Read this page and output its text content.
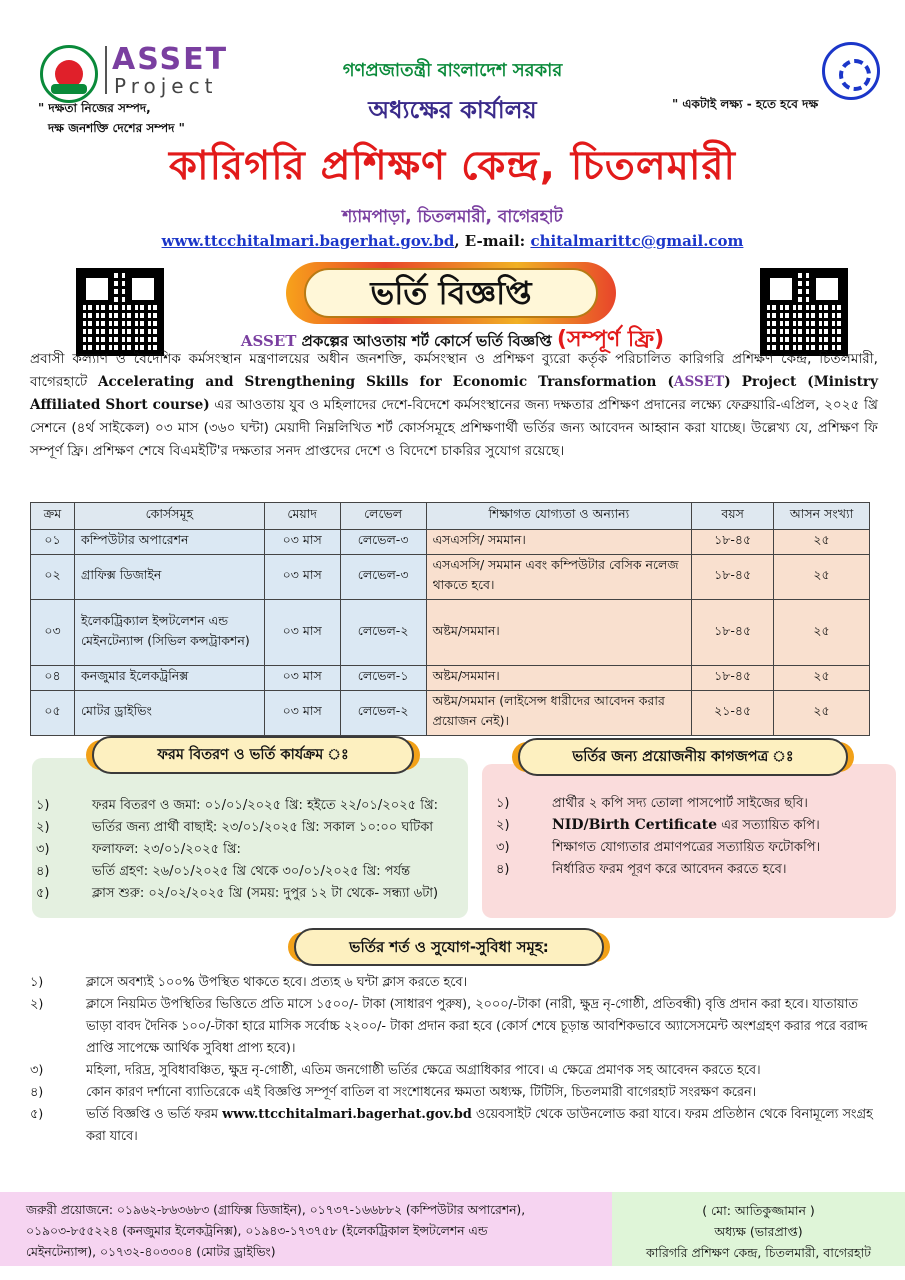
ASSET
Project
" দক্ষতা নিজের সম্পদ,
দক্ষ জনশক্তি দেশের সম্পদ "
গণপ্রজাতন্ত্রী বাংলাদেশ সরকার
অধ্যক্ষের কার্যালয়
কারিগরি প্রশিক্ষণ কেন্দ্র, চিতলমারী
শ্যামপাড়া, চিতলমারী, বাগেরহাট
www.ttcchitalmari.bagerhat.gov.bd, E-mail: chitalmarittc@gmail.com
" একটাই লক্ষ্য - হতে হবে দক্ষ
ভর্তি বিজ্ঞপ্তি
ASSET প্রকল্পের আওতায় শর্ট কোর্সে ভর্তি বিজ্ঞপ্তি (সম্পূর্ণ ফ্রি)
প্রবাসী কল্যাণ ও বৈদেশিক কর্মসংস্থান মন্ত্রণালয়ের অধীন জনশক্তি, কর্মসংস্থান ও প্রশিক্ষণ ব্যুরো কর্তৃক পরিচালিত কারিগরি প্রশিক্ষণ কেন্দ্র, চিতলমারী, বাগেরহাটে Accelerating and Strengthening Skills for Economic Transformation (ASSET) Project (Ministry Affiliated Short course) এর আওতায় যুব ও মহিলাদের দেশে-বিদেশে কর্মসংস্থানের জন্য দক্ষতার প্রশিক্ষণ প্রদানের লক্ষ্যে ফেব্রুয়ারি-এপ্রিল, ২০২৫ খ্রি সেশনে (৪র্থ সাইকেল) ০৩ মাস (৩৬০ ঘন্টা) মেয়াদী নিম্নলিখিত শর্ট কোর্সসমূহে প্রশিক্ষণার্থী ভর্তির জন্য আবেদন আহ্বান করা যাচ্ছে। উল্লেখ্য যে, প্রশিক্ষণ ফি সম্পূর্ণ ফ্রি। প্রশিক্ষণ শেষে বিএমইটি'র দক্ষতার সনদ প্রাপ্তদের দেশে ও বিদেশে চাকরির সুযোগ রয়েছে।
ক্রম	কোর্সসমূহ	মেয়াদ	লেভেল	শিক্ষাগত যোগ্যতা ও অন্যান্য	বয়স	আসন সংখ্যা
০১	কম্পিউটার অপারেশন	০৩ মাস	লেভেল-৩	এসএসসি/ সমমান।	১৮-৪৫	২৫
০২	গ্রাফিক্স ডিজাইন	০৩ মাস	লেভেল-৩	এসএসসি/ সমমান এবং কম্পিউটার বেসিক নলেজ থাকতে হবে।	১৮-৪৫	২৫
০৩	ইলেকট্রিক্যাল ইন্সটলেশন এন্ড মেইনটেন্যান্স (সিভিল কন্সট্রাকশন)	০৩ মাস	লেভেল-২	অষ্টম/সমমান।	১৮-৪৫	২৫
০৪	কনজুমার ইলেকট্রনিক্স	০৩ মাস	লেভেল-১	অষ্টম/সমমান।	১৮-৪৫	২৫
০৫	মোটর ড্রাইভিং	০৩ মাস	লেভেল-২	অষ্টম/সমমান (লাইসেন্স ধারীদের আবেদন করার প্রয়োজন নেই)।	২১-৪৫	২৫
ফরম বিতরণ ও ভর্তি কার্যক্রম ঃ
১)	ফরম বিতরণ ও জমা: ০১/০১/২০২৫ খ্রি: হইতে ২২/০১/২০২৫ খ্রি:
২)	ভর্তির জন্য প্রার্থী বাছাই: ২৩/০১/২০২৫ খ্রি: সকাল ১০:০০ ঘটিকা
৩)	ফলাফল: ২৩/০১/২০২৫ খ্রি:
৪)	ভর্তি গ্রহণ: ২৬/০১/২০২৫ খ্রি থেকে ৩০/০১/২০২৫ খ্রি: পর্যন্ত
৫)	ক্লাস শুরু: ০২/০২/২০২৫ খ্রি (সময়: দুপুর ১২ টা থেকে- সন্ধ্যা ৬টা)
ভর্তির জন্য প্রয়োজনীয় কাগজপত্র ঃ
১)	প্রার্থীর ২ কপি সদ্য তোলা পাসপোর্ট সাইজের ছবি।
২)	NID/Birth Certificate এর সত্যায়িত কপি।
৩)	শিক্ষাগত যোগ্যতার প্রমাণপত্রের সত্যায়িত ফটোকপি।
৪)	নির্ধারিত ফরম পূরণ করে আবেদন করতে হবে।
ভর্তির শর্ত ও সুযোগ-সুবিধা সমূহ:
১)	ক্লাসে অবশ্যই ১০০% উপস্থিত থাকতে হবে। প্রত্যহ ৬ ঘন্টা ক্লাস করতে হবে।
২)	ক্লাসে নিয়মিত উপস্থিতির ভিত্তিতে প্রতি মাসে ১৫০০/- টাকা (সাধারণ পুরুষ), ২০০০/-টাকা (নারী, ক্ষুদ্র নৃ-গোষ্ঠী, প্রতিবন্ধী) বৃত্তি প্রদান করা হবে। যাতায়াত ভাড়া বাবদ দৈনিক ১০০/-টাকা হারে মাসিক সর্বোচ্চ ২২০০/- টাকা প্রদান করা হবে (কোর্স শেষে চূড়ান্ত আবশিকভাবে অ্যাসেসমেন্ট অংশগ্রহণ করার পরে বরাদ্দ প্রাপ্তি সাপেক্ষে আর্থিক সুবিধা প্রাপ্য হবে)।
৩)	মহিলা, দরিদ্র, সুবিধাবঞ্চিত, ক্ষুদ্র নৃ-গোষ্ঠী, এতিম জনগোষ্ঠী ভর্তির ক্ষেত্রে অগ্রাধিকার পাবে। এ ক্ষেত্রে প্রমাণক সহ আবেদন করতে হবে।
৪)	কোন কারণ দর্শানো ব্যাতিরেকে এই বিজ্ঞপ্তি সম্পূর্ণ বাতিল বা সংশোধনের ক্ষমতা অধ্যক্ষ, টিটিসি, চিতলমারী বাগেরহাট সংরক্ষণ করেন।
৫)	ভর্তি বিজ্ঞপ্তি ও ভর্তি ফরম www.ttcchitalmari.bagerhat.gov.bd ওয়েবসাইট থেকে ডাউনলোড করা যাবে। ফরম প্রতিষ্ঠান থেকে বিনামূল্যে সংগ্রহ করা যাবে।
জরুরী প্রয়োজনে: ০১৯৬২-৮৬৩৬৮৩ (গ্রাফিক্স ডিজাইন), ০১৭৩৭-১৬৬৮৮২ (কম্পিউটার অপারেশন),
০১৯০৩-৮৫৫২২৪ (কনজুমার ইলেকট্রনিক্স), ০১৯৪৩-১৭৩৭৫৮ (ইলেকট্রিকাল ইন্সটলেশন এন্ড
মেইনটেন্যান্স), ০১৭৩২-৪০৩৩০৪ (মোটর ড্রাইভিং)
( মো: আতিকুজ্জামান )
অধ্যক্ষ (ভারপ্রাপ্ত)
কারিগরি প্রশিক্ষণ কেন্দ্র, চিতলমারী, বাগেরহাট
